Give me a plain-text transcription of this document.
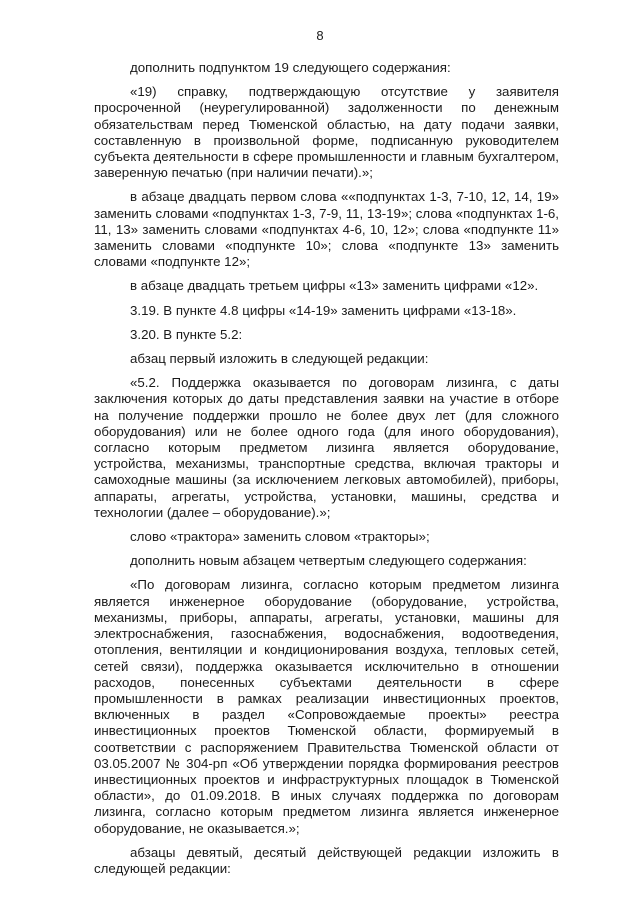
8

дополнить подпунктом 19 следующего содержания:

«19) справку, подтверждающую отсутствие у заявителя просроченной (неурегулированной) задолженности по денежным обязательствам перед Тюменской областью, на дату подачи заявки, составленную в произвольной форме, подписанную руководителем субъекта деятельности в сфере промышленности и главным бухгалтером, заверенную печатью (при наличии печати).»;

в абзаце двадцать первом слова ««подпунктах 1-3, 7-10, 12, 14, 19» заменить словами «подпунктах 1-3, 7-9, 11, 13-19»; слова «подпунктах 1-6, 11, 13» заменить словами «подпунктах 4-6, 10, 12»; слова «подпункте 11» заменить словами «подпункте 10»; слова «подпункте 13» заменить словами «подпункте 12»;

в абзаце двадцать третьем цифры «13» заменить цифрами «12».

3.19. В пункте 4.8 цифры «14-19» заменить цифрами «13-18».

3.20. В пункте 5.2:

абзац первый изложить в следующей редакции:

«5.2. Поддержка оказывается по договорам лизинга, с даты заключения которых до даты представления заявки на участие в отборе на получение поддержки прошло не более двух лет (для сложного оборудования) или не более одного года (для иного оборудования), согласно которым предметом лизинга является оборудование, устройства, механизмы, транспортные средства, включая тракторы и самоходные машины (за исключением легковых автомобилей), приборы, аппараты, агрегаты, устройства, установки, машины, средства и технологии (далее – оборудование).»;

слово «трактора» заменить словом «тракторы»;

дополнить новым абзацем четвертым следующего содержания:

«По договорам лизинга, согласно которым предметом лизинга является инженерное оборудование (оборудование, устройства, механизмы, приборы, аппараты, агрегаты, установки, машины для электроснабжения, газоснабжения, водоснабжения, водоотведения, отопления, вентиляции и кондиционирования воздуха, тепловых сетей, сетей связи), поддержка оказывается исключительно в отношении расходов, понесенных субъектами деятельности в сфере промышленности в рамках реализации инвестиционных проектов, включенных в раздел «Сопровождаемые проекты» реестра инвестиционных проектов Тюменской области, формируемый в соответствии с распоряжением Правительства Тюменской области от 03.05.2007 № 304-рп «Об утверждении порядка формирования реестров инвестиционных проектов и инфраструктурных площадок в Тюменской области», до 01.09.2018. В иных случаях поддержка по договорам лизинга, согласно которым предметом лизинга является инженерное оборудование, не оказывается.»;

абзацы девятый, десятый действующей редакции изложить в следующей редакции:
